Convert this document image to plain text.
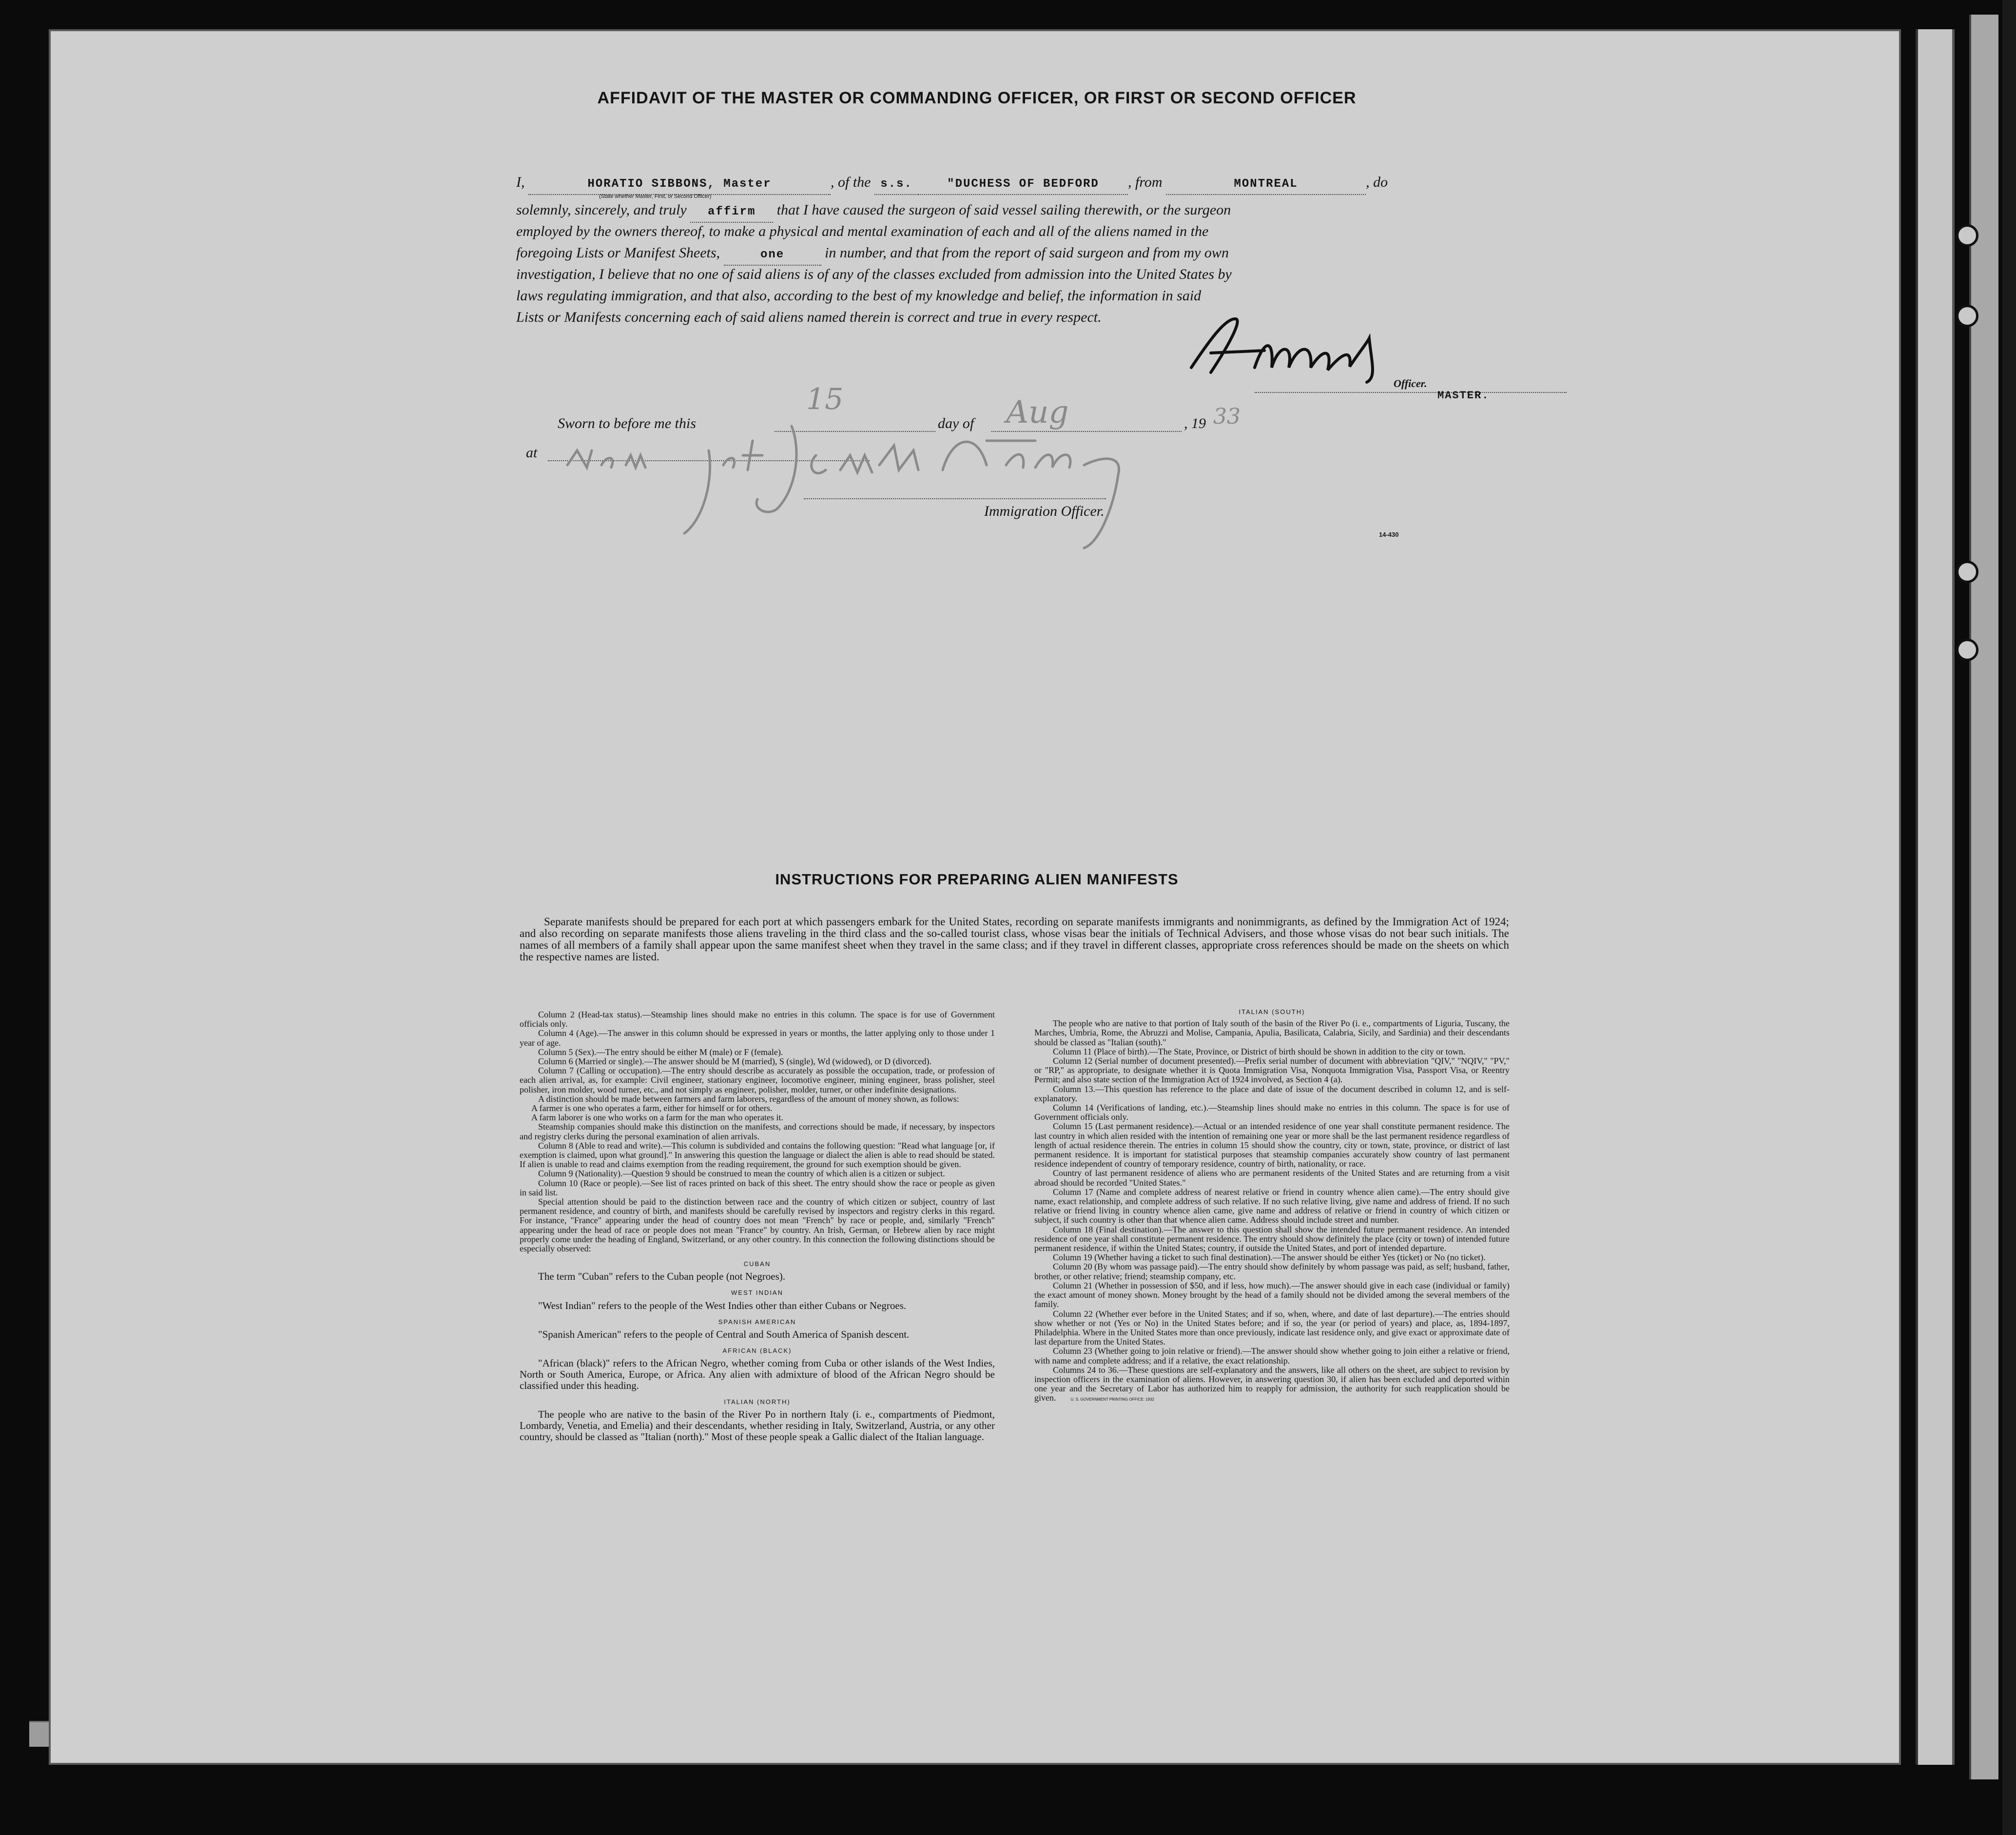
AFFIDAVIT OF THE MASTER OR COMMANDING OFFICER, OR FIRST OR SECOND OFFICER
I,	HORATIO SIBBONS, Master	, of the s.s.	"DUCHESS OF BEDFORD , from	MONTREAL	, do
(State whether Master, First, or Second Officer)
solemnly, sincerely, and truly affirm that I have caused the surgeon of said vessel sailing therewith, or the surgeon
employed by the owners thereof, to make a physical and mental examination of each and all of the aliens named in the
foregoing Lists or Manifest Sheets,	one	in number, and that from the report of said surgeon and from my own
investigation, I believe that no one of said aliens is of any of the classes excluded from admission into the United States by
laws regulating immigration, and that also, according to the best of my knowledge and belief, the information in said
Lists or Manifests concerning each of said aliens named therein is correct and true in every respect.
Officer.
MASTER.
Sworn to before me this	day of	, 19
15	Aug	33
at
Immigration Officer.
14-430
INSTRUCTIONS FOR PREPARING ALIEN MANIFESTS
Separate manifests should be prepared for each port at which passengers embark for the United States, recording on separate manifests immigrants and nonimmigrants, as defined by the Immigration Act of 1924; and also recording on separate manifests those aliens traveling in the third class and the so-called tourist class, whose visas bear the initials of Technical Advisers, and those whose visas do not bear such initials. The names of all members of a family shall appear upon the same manifest sheet when they travel in the same class; and if they travel in different classes, appropriate cross references should be made on the sheets on which the respective names are listed.

Column 2 (Head-tax status).—Steamship lines should make no entries in this column. The space is for use of Government officials only.

Column 4 (Age).—The answer in this column should be expressed in years or months, the latter applying only to those under 1 year of age.

Column 5 (Sex).—The entry should be either M (male) or F (female).

Column 6 (Married or single).—The answer should be M (married), S (single), Wd (widowed), or D (divorced).

Column 7 (Calling or occupation).—The entry should describe as accurately as possible the occupation, trade, or profession of each alien arrival, as, for example: Civil engineer, stationary engineer, locomotive engineer, mining engineer, brass polisher, steel polisher, iron molder, wood turner, etc., and not simply as engineer, polisher, molder, turner, or other indefinite designations.

A distinction should be made between farmers and farm laborers, regardless of the amount of money shown, as follows:

A farmer is one who operates a farm, either for himself or for others.

A farm laborer is one who works on a farm for the man who operates it.

Steamship companies should make this distinction on the manifests, and corrections should be made, if necessary, by inspectors and registry clerks during the personal examination of alien arrivals.

Column 8 (Able to read and write).—This column is subdivided and contains the following question: "Read what language [or, if exemption is claimed, upon what ground]." In answering this question the language or dialect the alien is able to read should be stated. If alien is unable to read and claims exemption from the reading requirement, the ground for such exemption should be given.

Column 9 (Nationality).—Question 9 should be construed to mean the country of which alien is a citizen or subject.

Column 10 (Race or people).—See list of races printed on back of this sheet. The entry should show the race or people as given in said list.

Special attention should be paid to the distinction between race and the country of which citizen or subject, country of last permanent residence, and country of birth, and manifests should be carefully revised by inspectors and registry clerks in this regard. For instance, "France" appearing under the head of country does not mean "French" by race or people, and, similarly "French" appearing under the head of race or people does not mean "France" by country. An Irish, German, or Hebrew alien by race might properly come under the heading of England, Switzerland, or any other country. In this connection the following distinctions should be especially observed:

CUBAN

The term "Cuban" refers to the Cuban people (not Negroes).

WEST INDIAN

"West Indian" refers to the people of the West Indies other than either Cubans or Negroes.

SPANISH AMERICAN

"Spanish American" refers to the people of Central and South America of Spanish descent.

AFRICAN (BLACK)

"African (black)" refers to the African Negro, whether coming from Cuba or other islands of the West Indies, North or South America, Europe, or Africa. Any alien with admixture of blood of the African Negro should be classified under this heading.

ITALIAN (NORTH)

The people who are native to the basin of the River Po in northern Italy (i. e., compartments of Piedmont, Lombardy, Venetia, and Emelia) and their descendants, whether residing in Italy, Switzerland, Austria, or any other country, should be classed as "Italian (north)." Most of these people speak a Gallic dialect of the Italian language.

ITALIAN (SOUTH)

The people who are native to that portion of Italy south of the basin of the River Po (i. e., compartments of Liguria, Tuscany, the Marches, Umbria, Rome, the Abruzzi and Molise, Campania, Apulia, Basilicata, Calabria, Sicily, and Sardinia) and their descendants should be classed as "Italian (south)."

Column 11 (Place of birth).—The State, Province, or District of birth should be shown in addition to the city or town.

Column 12 (Serial number of document presented).—Prefix serial number of document with abbreviation "QIV," "NQIV," "PV," or "RP," as appropriate, to designate whether it is Quota Immigration Visa, Nonquota Immigration Visa, Passport Visa, or Reentry Permit; and also state section of the Immigration Act of 1924 involved, as Section 4 (a).

Column 13.—This question has reference to the place and date of issue of the document described in column 12, and is self-explanatory.

Column 14 (Verifications of landing, etc.).—Steamship lines should make no entries in this column. The space is for use of Government officials only.

Column 15 (Last permanent residence).—Actual or an intended residence of one year shall constitute permanent residence. The last country in which alien resided with the intention of remaining one year or more shall be the last permanent residence regardless of length of actual residence therein. The entries in column 15 should show the country, city or town, state, province, or district of last permanent residence. It is important for statistical purposes that steamship companies accurately show country of last permanent residence independent of country of temporary residence, country of birth, nationality, or race.

Country of last permanent residence of aliens who are permanent residents of the United States and are returning from a visit abroad should be recorded "United States."

Column 17 (Name and complete address of nearest relative or friend in country whence alien came).—The entry should give name, exact relationship, and complete address of such relative. If no such relative living, give name and address of friend. If no such relative or friend living in country whence alien came, give name and address of relative or friend in country of which citizen or subject, if such country is other than that whence alien came. Address should include street and number.

Column 18 (Final destination).—The answer to this question shall show the intended future permanent residence. An intended residence of one year shall constitute permanent residence. The entry should show definitely the place (city or town) of intended future permanent residence, if within the United States; country, if outside the United States, and port of intended departure.

Column 19 (Whether having a ticket to such final destination).—The answer should be either Yes (ticket) or No (no ticket).

Column 20 (By whom was passage paid).—The entry should show definitely by whom passage was paid, as self; husband, father, brother, or other relative; friend; steamship company, etc.

Column 21 (Whether in possession of $50, and if less, how much).—The answer should give in each case (individual or family) the exact amount of money shown. Money brought by the head of a family should not be divided among the several members of the family.

Column 22 (Whether ever before in the United States; and if so, when, where, and date of last departure).—The entries should show whether or not (Yes or No) in the United States before; and if so, the year (or period of years) and place, as, 1894-1897, Philadelphia. Where in the United States more than once previously, indicate last residence only, and give exact or approximate date of last departure from the United States.

Column 23 (Whether going to join relative or friend).—The answer should show whether going to join either a relative or friend, with name and complete address; and if a relative, the exact relationship.

Columns 24 to 36.—These questions are self-explanatory and the answers, like all others on the sheet, are subject to revision by inspection officers in the examination of aliens. However, in answering question 30, if alien has been excluded and deported within one year and the Secretary of Labor has authorized him to reapply for admission, the authority for such reapplication should be given.	U. S. GOVERNMENT PRINTING OFFICE: 1932
